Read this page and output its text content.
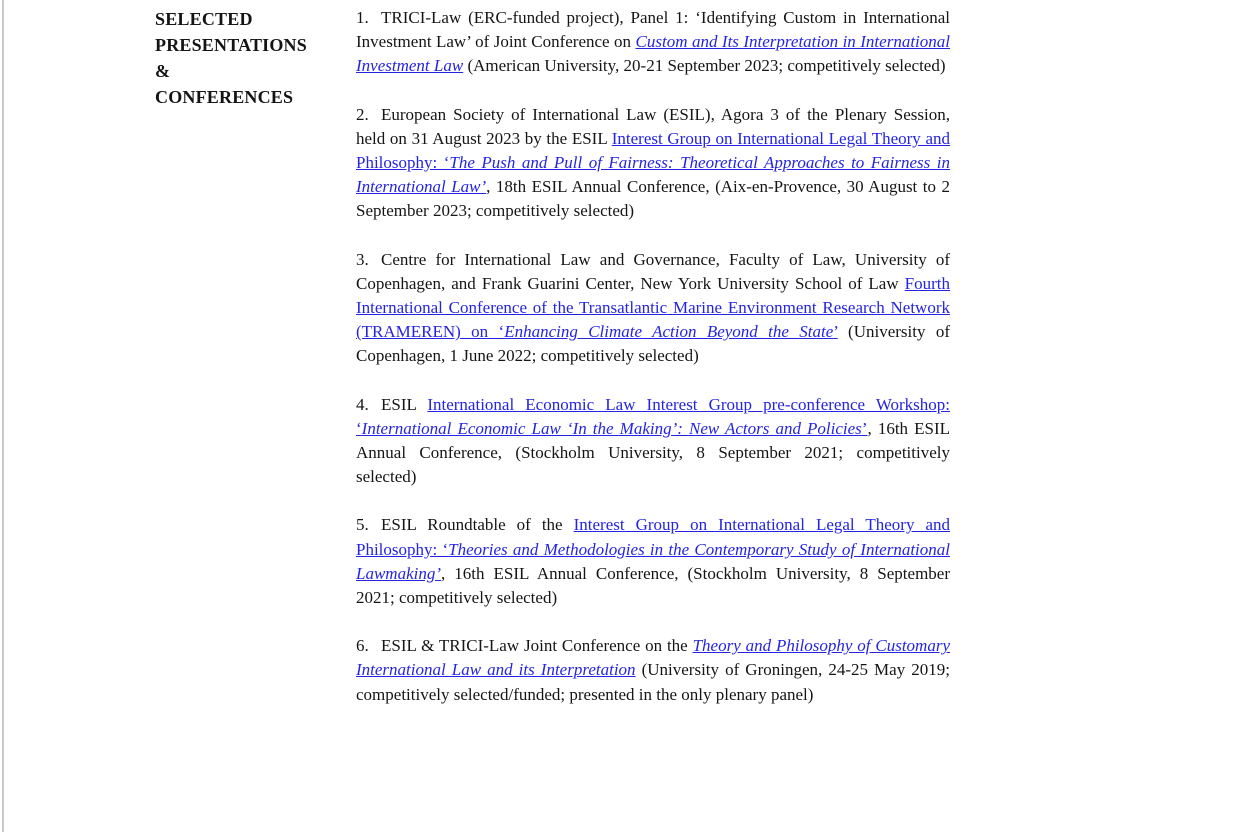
SELECTED
PRESENTATIONS
&
CONFERENCES

1. TRICI-Law (ERC-funded project), Panel 1: ‘Identifying Custom in International Investment Law’ of Joint Conference on Custom and Its Interpretation in International Investment Law (American University, 20-21 September 2023; competitively selected)

2. European Society of International Law (ESIL), Agora 3 of the Plenary Session, held on 31 August 2023 by the ESIL Interest Group on International Legal Theory and Philosophy: ‘The Push and Pull of Fairness: Theoretical Approaches to Fairness in International Law’, 18th ESIL Annual Conference, (Aix-en-Provence, 30 August to 2 September 2023; competitively selected)

3. Centre for International Law and Governance, Faculty of Law, University of Copenhagen, and Frank Guarini Center, New York University School of Law Fourth International Conference of the Transatlantic Marine Environment Research Network (TRAMEREN) on ‘Enhancing Climate Action Beyond the State’ (University of Copenhagen, 1 June 2022; competitively selected)

4. ESIL International Economic Law Interest Group pre-conference Workshop: ‘International Economic Law ‘In the Making’: New Actors and Policies’, 16th ESIL Annual Conference, (Stockholm University, 8 September 2021; competitively selected)

5. ESIL Roundtable of the Interest Group on International Legal Theory and Philosophy: ‘Theories and Methodologies in the Contemporary Study of International Lawmaking’, 16th ESIL Annual Conference, (Stockholm University, 8 September 2021; competitively selected)

6. ESIL & TRICI-Law Joint Conference on the Theory and Philosophy of Customary International Law and its Interpretation (University of Groningen, 24-25 May 2019; competitively selected/funded; presented in the only plenary panel)
